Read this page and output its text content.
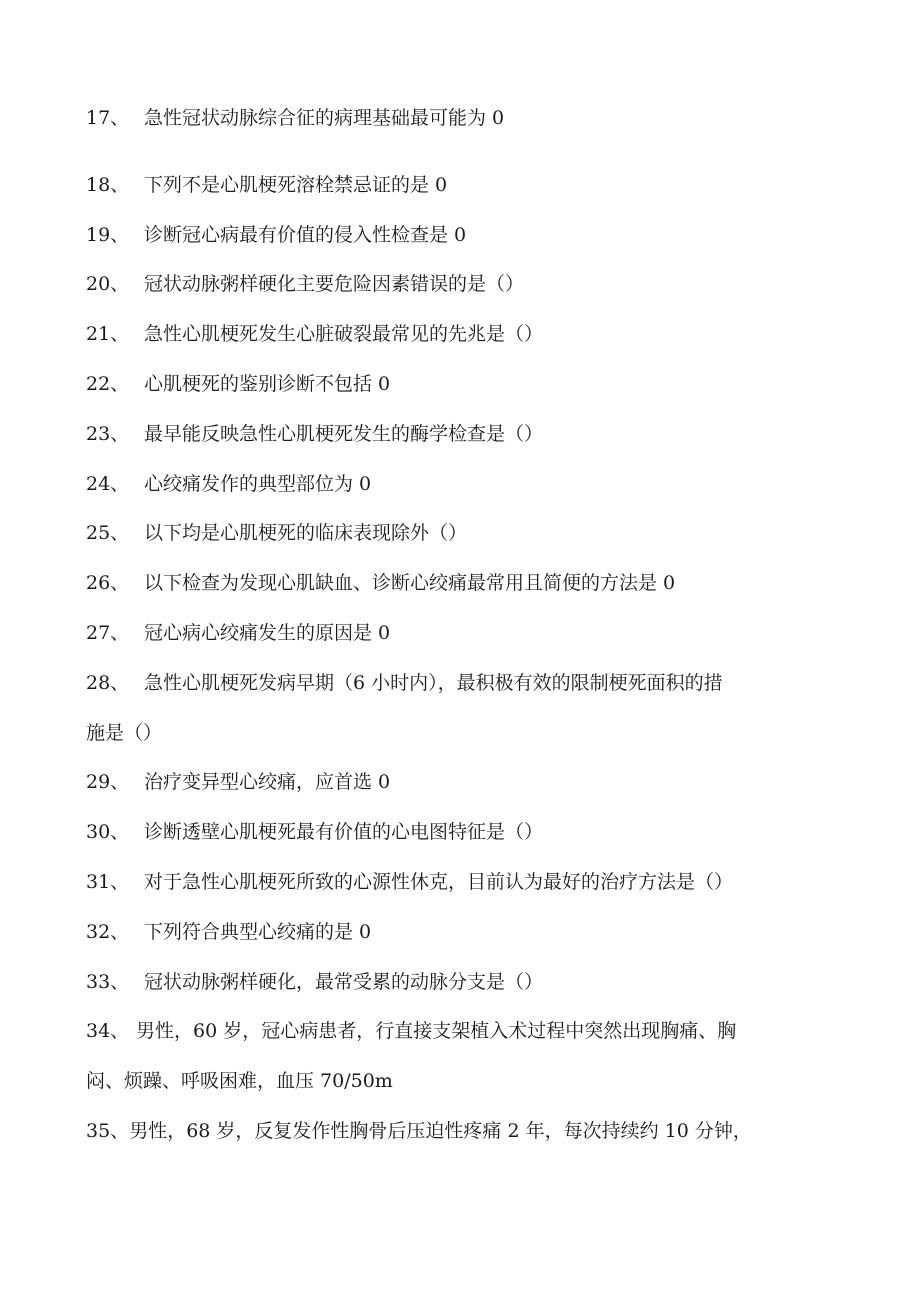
17、 急性冠状动脉综合征的病理基础最可能为 0
18、 下列不是心肌梗死溶栓禁忌证的是 0
19、 诊断冠心病最有价值的侵入性检查是 0
20、 冠状动脉粥样硬化主要危险因素错误的是（）
21、 急性心肌梗死发生心脏破裂最常见的先兆是（）
22、 心肌梗死的鉴别诊断不包括 0
23、 最早能反映急性心肌梗死发生的酶学检查是（）
24、 心绞痛发作的典型部位为 0
25、 以下均是心肌梗死的临床表现除外（）
26、 以下检查为发现心肌缺血、诊断心绞痛最常用且简便的方法是 0
27、 冠心病心绞痛发生的原因是 0
28、 急性心肌梗死发病早期（6 小时内），最积极有效的限制梗死面积的措
施是（）
29、 治疗变异型心绞痛，应首选 0
30、 诊断透壁心肌梗死最有价值的心电图特征是（）
31、 对于急性心肌梗死所致的心源性休克，目前认为最好的治疗方法是（）
32、 下列符合典型心绞痛的是 0
33、 冠状动脉粥样硬化，最常受累的动脉分支是（）
34、 男性，60 岁，冠心病患者，行直接支架植入术过程中突然出现胸痛、胸
闷、烦躁、呼吸困难，血压 70/50m
35、男性，68 岁，反复发作性胸骨后压迫性疼痛 2 年，每次持续约 10 分钟，
